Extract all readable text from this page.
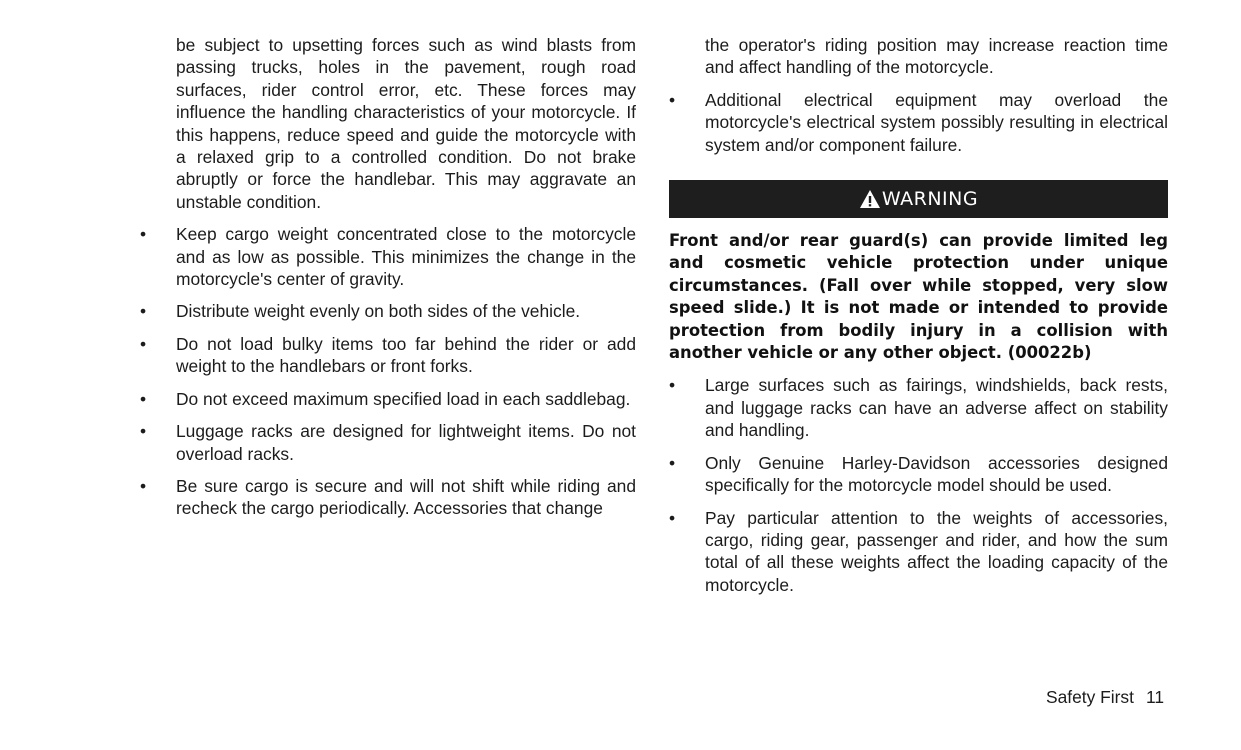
be subject to upsetting forces such as wind blasts from passing trucks, holes in the pavement, rough road surfaces, rider control error, etc. These forces may influence the handling characteristics of your motorcycle. If this happens, reduce speed and guide the motorcycle with a relaxed grip to a controlled condition. Do not brake abruptly or force the handlebar. This may aggravate an unstable condition.

• Keep cargo weight concentrated close to the motorcycle and as low as possible. This minimizes the change in the motorcycle's center of gravity.

• Distribute weight evenly on both sides of the vehicle.

• Do not load bulky items too far behind the rider or add weight to the handlebars or front forks.

• Do not exceed maximum specified load in each saddlebag.

• Luggage racks are designed for lightweight items. Do not overload racks.

• Be sure cargo is secure and will not shift while riding and recheck the cargo periodically. Accessories that change

the operator's riding position may increase reaction time and affect handling of the motorcycle.

• Additional electrical equipment may overload the motorcycle's electrical system possibly resulting in electrical system and/or component failure.

WARNING

Front and/or rear guard(s) can provide limited leg and cosmetic vehicle protection under unique circumstances. (Fall over while stopped, very slow speed slide.) It is not made or intended to provide protection from bodily injury in a collision with another vehicle or any other object. (00022b)

• Large surfaces such as fairings, windshields, back rests, and luggage racks can have an adverse affect on stability and handling.

• Only Genuine Harley-Davidson accessories designed specifically for the motorcycle model should be used.

• Pay particular attention to the weights of accessories, cargo, riding gear, passenger and rider, and how the sum total of all these weights affect the loading capacity of the motorcycle.

Safety First 11
